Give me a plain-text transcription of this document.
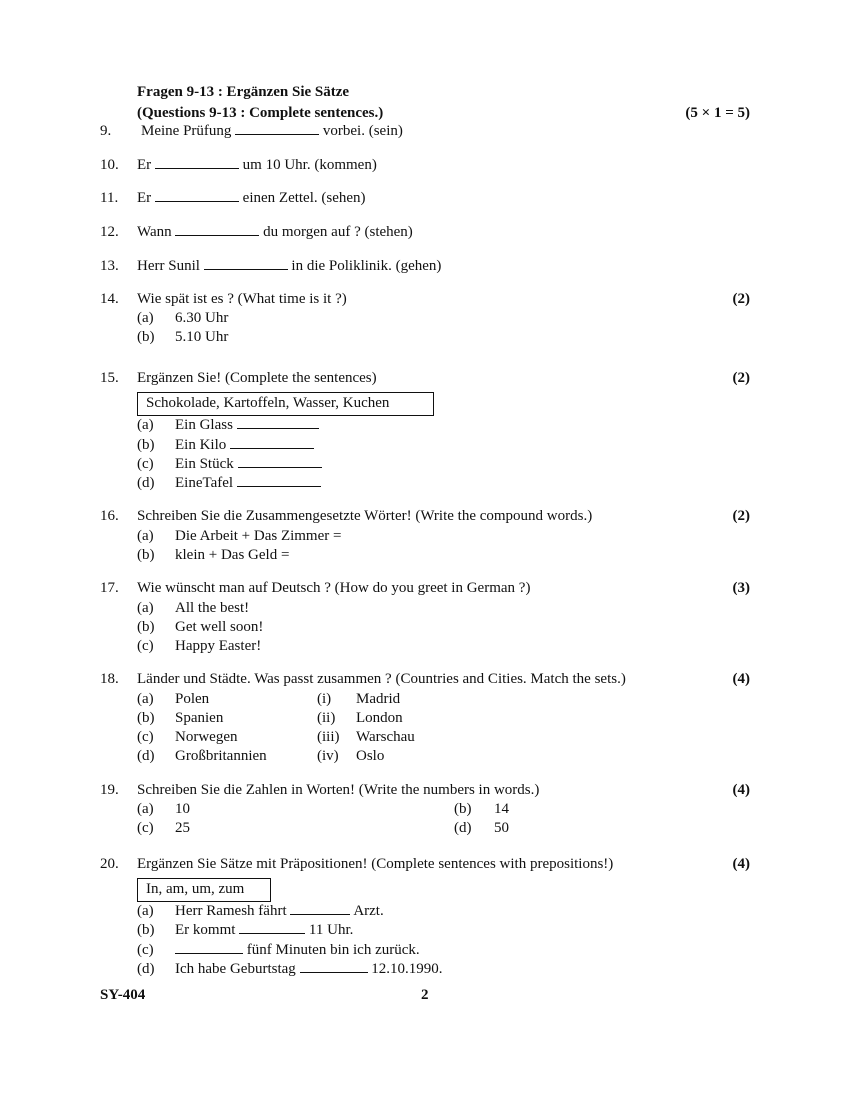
Fragen 9-13 : Ergänzen Sie Sätze
(Questions 9-13 : Complete sentences.)	(5 × 1 = 5)
9. Meine Prüfung	vorbei. (sein)
10. Er	um 10 Uhr. (kommen)
11. Er	einen Zettel. (sehen)
12. Wann	du morgen auf ? (stehen)
13. Herr Sunil	in die Poliklinik. (gehen)
14. Wie spät ist es ? (What time is it ?)	(2)
(a) 6.30 Uhr
(b) 5.10 Uhr
15. Ergänzen Sie! (Complete the sentences)	(2)
Schokolade, Kartoffeln, Wasser, Kuchen
(a) Ein Glass
(b) Ein Kilo
(c) Ein Stück
(d) EineTafel
16. Schreiben Sie die Zusammengesetzte Wörter! (Write the compound words.)	(2)
(a) Die Arbeit + Das Zimmer =
(b) klein + Das Geld =
17. Wie wünscht man auf Deutsch ? (How do you greet in German ?)	(3)
(a) All the best!
(b) Get well soon!
(c) Happy Easter!
18. Länder und Städte. Was passt zusammen ? (Countries and Cities. Match the sets.)	(4)
(a) Polen	(i) Madrid
(b) Spanien	(ii) London
(c) Norwegen	(iii) Warschau
(d) Großbritannien	(iv) Oslo
19. Schreiben Sie die Zahlen in Worten! (Write the numbers in words.)	(4)
(a) 10	(b) 14
(c) 25	(d) 50
20. Ergänzen Sie Sätze mit Präpositionen! (Complete sentences with prepositions!)	(4)
In, am, um, zum
(a) Herr Ramesh fährt	Arzt.
(b) Er kommt	11 Uhr.
(c)	fünf Minuten bin ich zurück.
(d) Ich habe Geburtstag	12.10.1990.
SY-404	2
